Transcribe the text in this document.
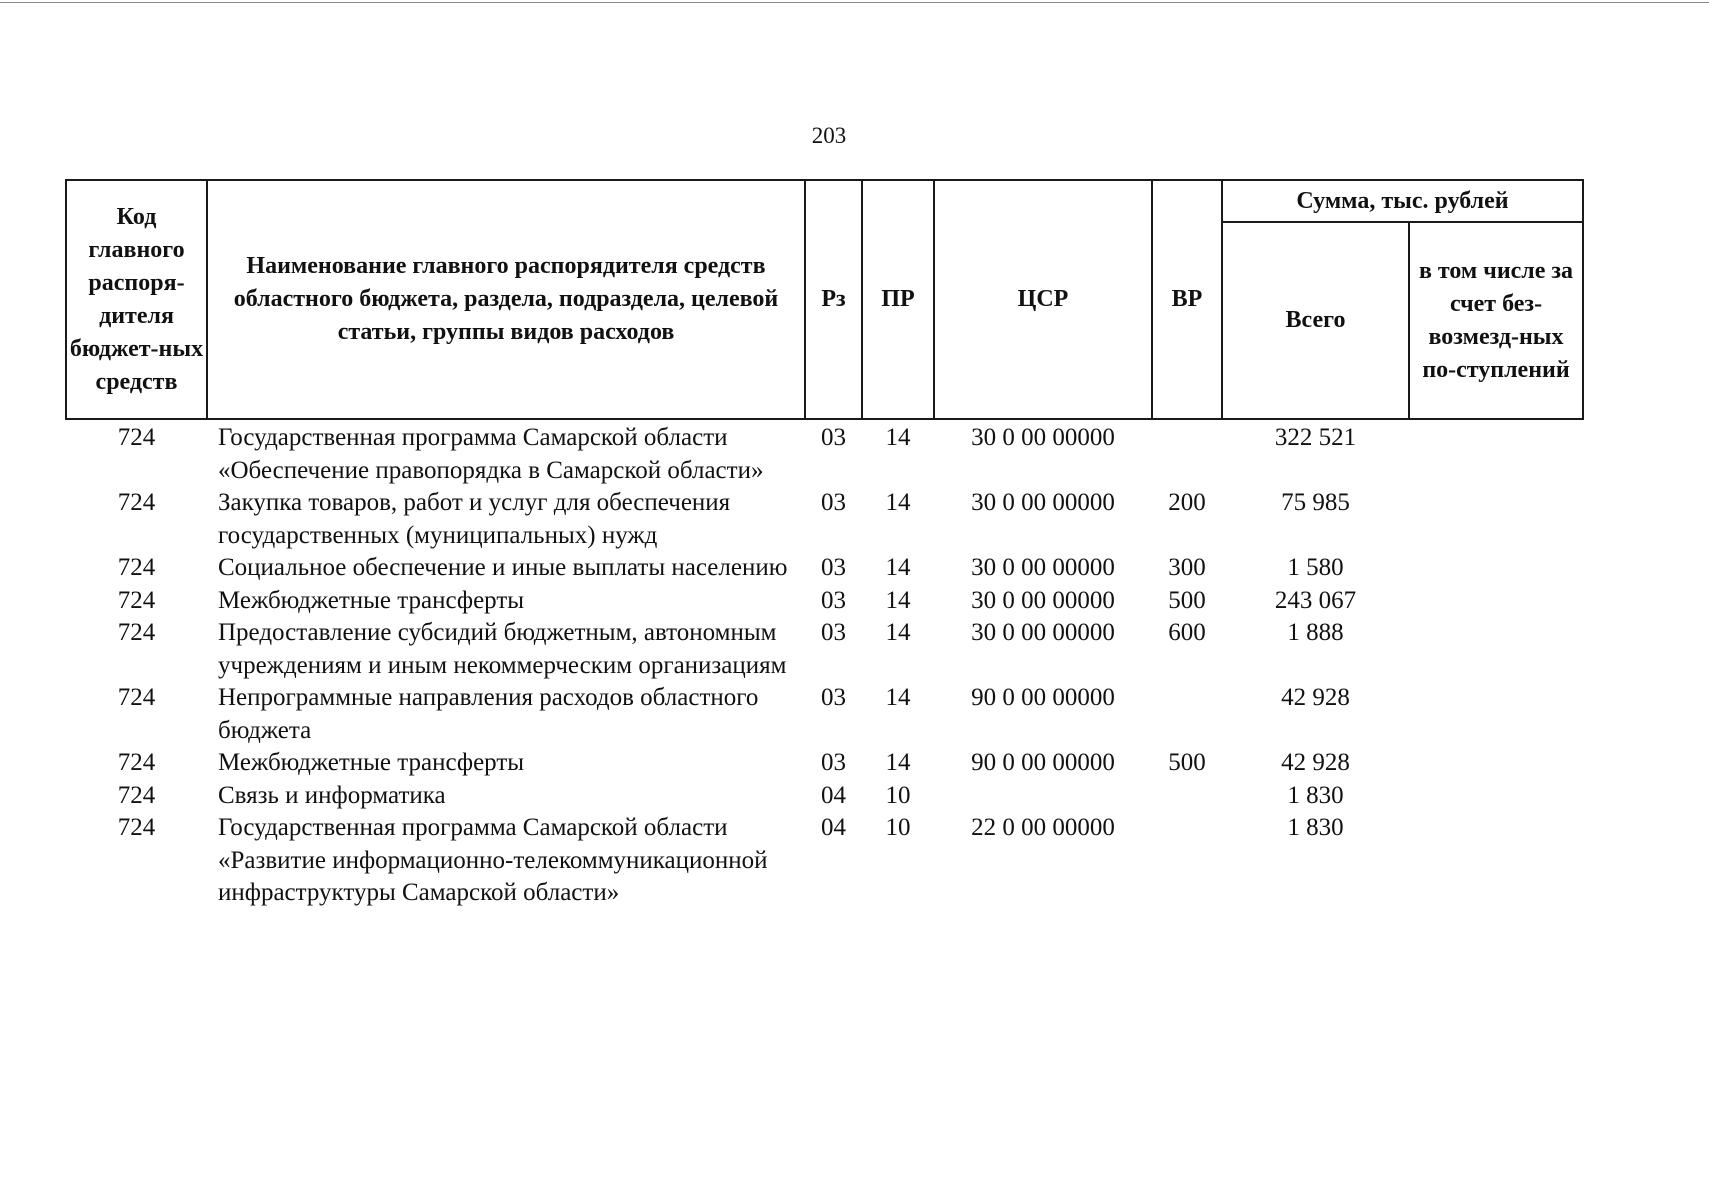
203
Код главного распоря-дителя бюджет-ных средств	Наименование главного распорядителя средств областного бюджета, раздела, подраздела, целевой статьи, группы видов расходов	Рз	ПР	ЦСР	ВР	Сумма, тыс. рублей	
						Всего	в том числе за счет без-возмезд-ных по-ступлений
724	Государственная программа Самарской области «Обеспечение правопорядка в Самарской области»	03	14	30 0 00 00000		322 521	
724	Закупка товаров, работ и услуг для обеспечения государственных (муниципальных) нужд	03	14	30 0 00 00000	200	75 985	
724	Социальное обеспечение и иные выплаты населению	03	14	30 0 00 00000	300	1 580	
724	Межбюджетные трансферты	03	14	30 0 00 00000	500	243 067	
724	Предоставление субсидий бюджетным, автономным учреждениям и иным некоммерческим организациям	03	14	30 0 00 00000	600	1 888	
724	Непрограммные направления расходов областного бюджета	03	14	90 0 00 00000		42 928	
724	Межбюджетные трансферты	03	14	90 0 00 00000	500	42 928	
724	Связь и информатика	04	10			1 830	
724	Государственная программа Самарской области «Развитие информационно-телекоммуникационной инфраструктуры Самарской области»	04	10	22 0 00 00000		1 830	
